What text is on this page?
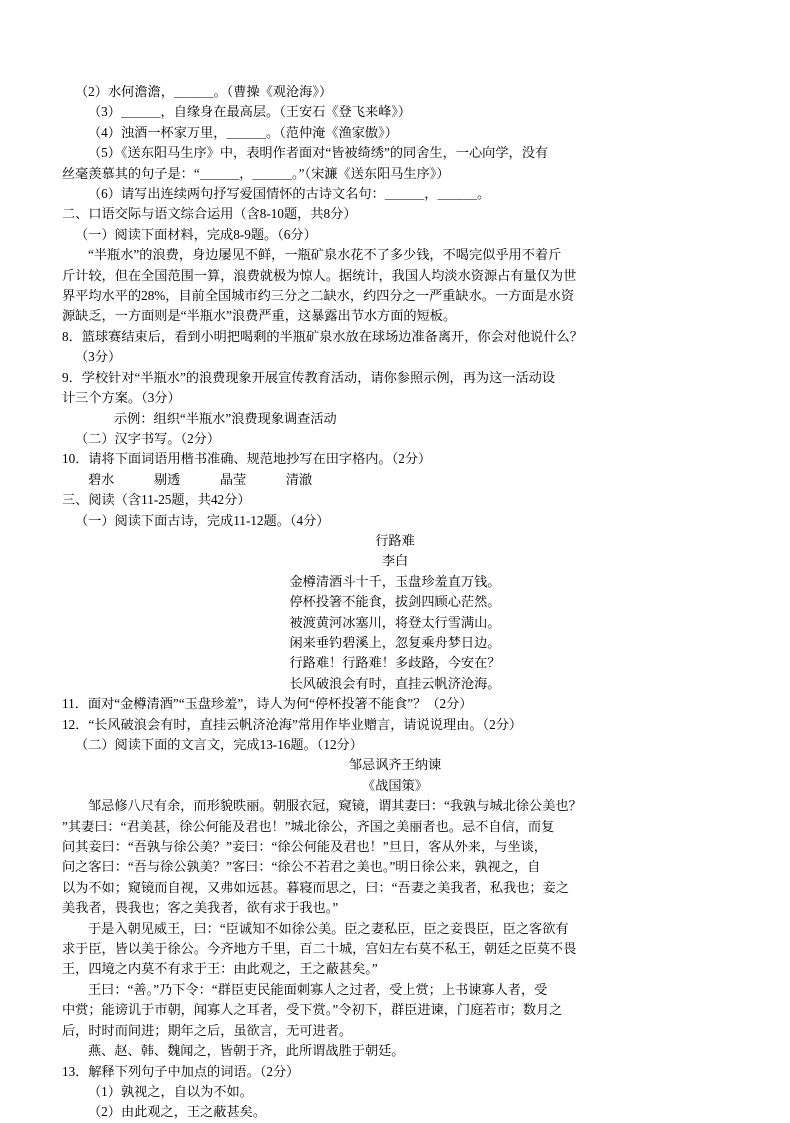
（2）水何澹澹，＿＿＿。（曹操《观沧海》）
（3）＿＿＿，自缘身在最高层。（王安石《登飞来峰》）
（4）浊酒一杯家万里，＿＿＿。（范仲淹《渔家傲》）
（5）《送东阳马生序》中，表明作者面对“皆被绮绣”的同舍生，一心向学，没有
丝毫羡慕其的句子是：“＿＿＿，＿＿＿。”（宋濂《送东阳马生序》）
（6）请写出连续两句抒写爱国情怀的古诗文名句：＿＿＿，＿＿＿。
二、口语交际与语文综合运用（含8-10题，共8分）
（一）阅读下面材料，完成8-9题。（6分）
“半瓶水”的浪费，身边屡见不鲜，一瓶矿泉水花不了多少钱，不喝完似乎用不着斤
斤计较，但在全国范围一算，浪费就极为惊人。据统计，我国人均淡水资源占有量仅为世
界平均水平的28%，目前全国城市约三分之二缺水，约四分之一严重缺水。一方面是水资
源缺乏，一方面则是“半瓶水”浪费严重，这暴露出节水方面的短板。
8．篮球赛结束后，看到小明把喝剩的半瓶矿泉水放在球场边准备离开，你会对他说什么？
（3分）
9．学校针对“半瓶水”的浪费现象开展宣传教育活动，请你参照示例，再为这一活动设
计三个方案。（3分）
示例：组织“半瓶水”浪费现象调查活动
（二）汉字书写。（2分）
10．请将下面词语用楷书准确、规范地抄写在田字格内。（2分）
碧水　　　剔透　　　晶莹　　　清澈
三、阅读（含11-25题，共42分）
（一）阅读下面古诗，完成11-12题。（4分）
行路难
李白
金樽清酒斗十千，玉盘珍羞直万钱。
停杯投箸不能食，拔剑四顾心茫然。
被渡黄河冰塞川，将登太行雪满山。
闲来垂钓碧溪上，忽复乘舟梦日边。
行路难！行路难！多歧路，今安在？
长风破浪会有时，直挂云帆济沧海。
11．面对“金樽清酒”“玉盘珍羞”，诗人为何“停杯投箸不能食”？（2分）
12．“长风破浪会有时，直挂云帆济沧海”常用作毕业赠言，请说说理由。（2分）
（二）阅读下面的文言文，完成13-16题。（12分）
邹忌讽齐王纳谏
《战国策》
邹忌修八尺有余，而形貌昳丽。朝服衣冠，窥镜，谓其妻曰：“我孰与城北徐公美也？
”其妻曰：“君美甚，徐公何能及君也！”城北徐公，齐国之美丽者也。忌不自信，而复
问其妾曰：“吾孰与徐公美？”妾曰：“徐公何能及君也！”旦日，客从外来，与坐谈，
问之客曰：“吾与徐公孰美？”客曰：“徐公不若君之美也。”明日徐公来，孰视之，自
以为不如；窥镜而自视，又弗如远甚。暮寝而思之，曰：“吾妻之美我者，私我也；妾之
美我者，畏我也；客之美我者，欲有求于我也。”
于是入朝见威王，曰：“臣诚知不如徐公美。臣之妻私臣，臣之妾畏臣，臣之客欲有
求于臣，皆以美于徐公。今齐地方千里，百二十城，宫妇左右莫不私王，朝廷之臣莫不畏
王，四境之内莫不有求于王：由此观之，王之蔽甚矣。”
王曰：“善。”乃下令：“群臣吏民能面刺寡人之过者，受上赏；上书谏寡人者，受
中赏；能谤讥于市朝，闻寡人之耳者，受下赏。”令初下，群臣进谏，门庭若市；数月之
后，时时而间进；期年之后，虽欲言，无可进者。
燕、赵、韩、魏闻之，皆朝于齐，此所谓战胜于朝廷。
13．解释下列句子中加点的词语。（2分）
（1）孰视之，自以为不如。
（2）由此观之，王之蔽甚矣。
